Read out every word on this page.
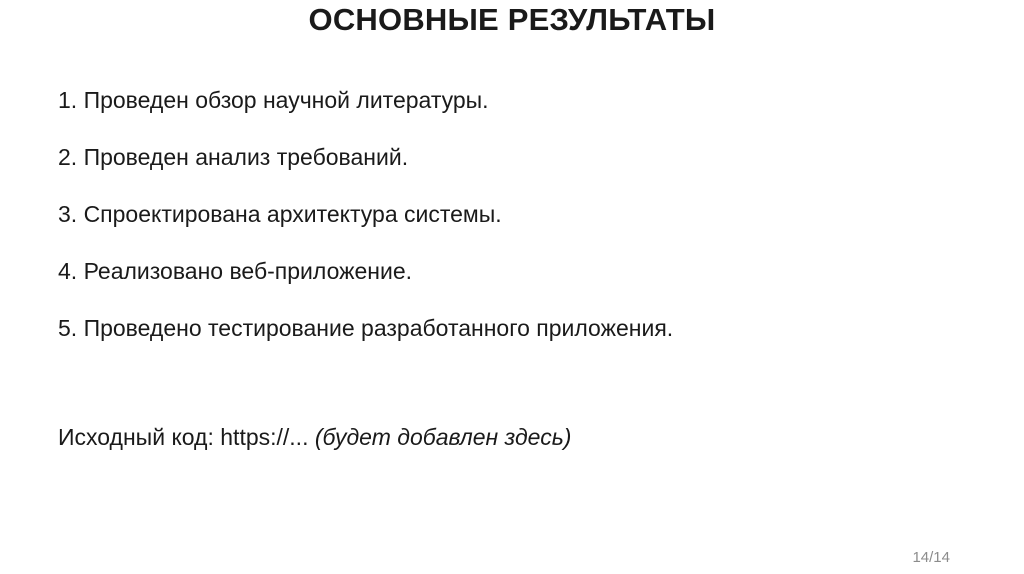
ОСНОВНЫЕ РЕЗУЛЬТАТЫ
1. Проведен обзор научной литературы.
2. Проведен анализ требований.
3. Спроектирована архитектура системы.
4. Реализовано веб-приложение.
5. Проведено тестирование разработанного приложения.
Исходный код: https://... (будет добавлен здесь)
14/14
